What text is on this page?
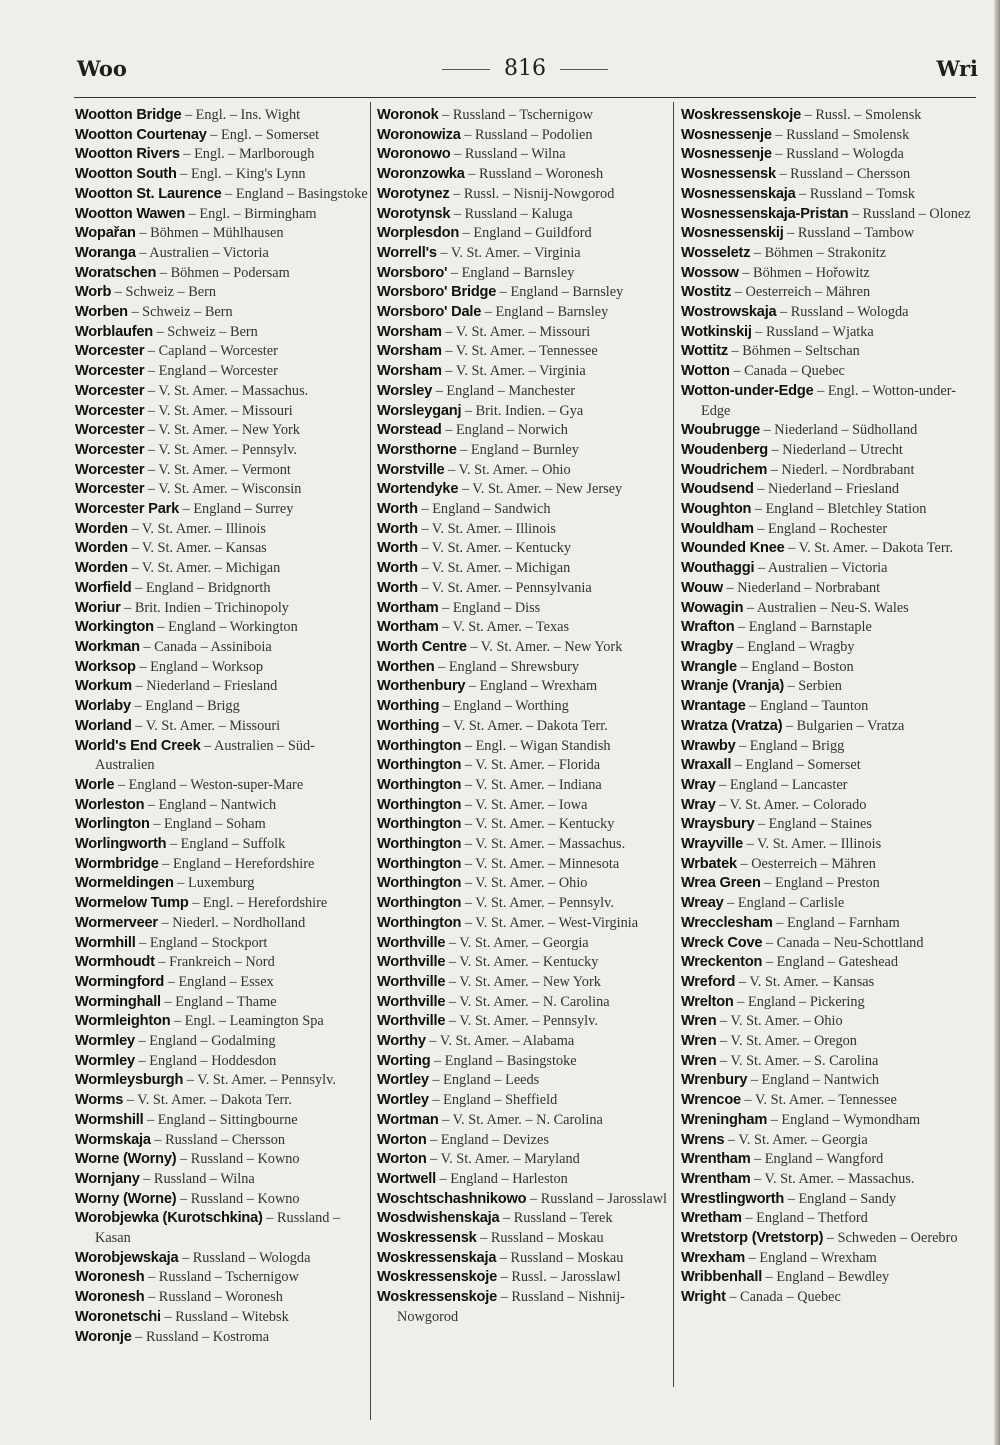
Woo	816	Wri
Wootton Bridge – Engl. – Ins. Wight
Wootton Courtenay – Engl. – Somerset
Wootton Rivers – Engl. – Marlborough
Wootton South – Engl. – King's Lynn
Wootton St. Laurence – England – Basingstoke
Wootton Wawen – Engl. – Birmingham
Wopařan – Böhmen – Mühlhausen
Woranga – Australien – Victoria
Woratschen – Böhmen – Podersam
Worb – Schweiz – Bern
Worben – Schweiz – Bern
Worblaufen – Schweiz – Bern
Worcester – Capland – Worcester
Worcester – England – Worcester
Worcester – V. St. Amer. – Massachus.
Worcester – V. St. Amer. – Missouri
Worcester – V. St. Amer. – New York
Worcester – V. St. Amer. – Pennsylv.
Worcester – V. St. Amer. – Vermont
Worcester – V. St. Amer. – Wisconsin
Worcester Park – England – Surrey
Worden – V. St. Amer. – Illinois
Worden – V. St. Amer. – Kansas
Worden – V. St. Amer. – Michigan
Worfield – England – Bridgnorth
Woriur – Brit. Indien – Trichinopoly
Workington – England – Workington
Workman – Canada – Assiniboia
Worksop – England – Worksop
Workum – Niederland – Friesland
Worlaby – England – Brigg
Worland – V. St. Amer. – Missouri
World's End Creek – Australien – Süd-Australien
Worle – England – Weston-super-Mare
Worleston – England – Nantwich
Worlington – England – Soham
Worlingworth – England – Suffolk
Wormbridge – England – Herefordshire
Wormeldingen – Luxemburg
Wormelow Tump – Engl. – Herefordshire
Wormerveer – Niederl. – Nordholland
Wormhill – England – Stockport
Wormhoudt – Frankreich – Nord
Wormingford – England – Essex
Worminghall – England – Thame
Wormleighton – Engl. – Leamington Spa
Wormley – England – Godalming
Wormley – England – Hoddesdon
Wormleysburgh – V. St. Amer. – Pennsylv.
Worms – V. St. Amer. – Dakota Terr.
Wormshill – England – Sittingbourne
Wormskaja – Russland – Chersson
Worne (Worny) – Russland – Kowno
Wornjany – Russland – Wilna
Worny (Worne) – Russland – Kowno
Worobjewka (Kurotschkina) – Russland – Kasan
Worobjewskaja – Russland – Wologda
Woronesh – Russland – Tschernigow
Woronesh – Russland – Woronesh
Woronetschi – Russland – Witebsk
Woronje – Russland – Kostroma
Woronok – Russland – Tschernigow
Woronowiza – Russland – Podolien
Woronowo – Russland – Wilna
Woronzowka – Russland – Woronesh
Worotynez – Russl. – Nisnij-Nowgorod
Worotynsk – Russland – Kaluga
Worplesdon – England – Guildford
Worrell's – V. St. Amer. – Virginia
Worsboro' – England – Barnsley
Worsboro' Bridge – England – Barnsley
Worsboro' Dale – England – Barnsley
Worsham – V. St. Amer. – Missouri
Worsham – V. St. Amer. – Tennessee
Worsham – V. St. Amer. – Virginia
Worsley – England – Manchester
Worsleyganj – Brit. Indien. – Gya
Worstead – England – Norwich
Worsthorne – England – Burnley
Worstville – V. St. Amer. – Ohio
Wortendyke – V. St. Amer. – New Jersey
Worth – England – Sandwich
Worth – V. St. Amer. – Illinois
Worth – V. St. Amer. – Kentucky
Worth – V. St. Amer. – Michigan
Worth – V. St. Amer. – Pennsylvania
Wortham – England – Diss
Wortham – V. St. Amer. – Texas
Worth Centre – V. St. Amer. – New York
Worthen – England – Shrewsbury
Worthenbury – England – Wrexham
Worthing – England – Worthing
Worthing – V. St. Amer. – Dakota Terr.
Worthington – Engl. – Wigan Standish
Worthington – V. St. Amer. – Florida
Worthington – V. St. Amer. – Indiana
Worthington – V. St. Amer. – Iowa
Worthington – V. St. Amer. – Kentucky
Worthington – V. St. Amer. – Massachus.
Worthington – V. St. Amer. – Minnesota
Worthington – V. St. Amer. – Ohio
Worthington – V. St. Amer. – Pennsylv.
Worthington – V. St. Amer. – West-Virginia
Worthville – V. St. Amer. – Georgia
Worthville – V. St. Amer. – Kentucky
Worthville – V. St. Amer. – New York
Worthville – V. St. Amer. – N. Carolina
Worthville – V. St. Amer. – Pennsylv.
Worthy – V. St. Amer. – Alabama
Worting – England – Basingstoke
Wortley – England – Leeds
Wortley – England – Sheffield
Wortman – V. St. Amer. – N. Carolina
Worton – England – Devizes
Worton – V. St. Amer. – Maryland
Wortwell – England – Harleston
Woschtschashnikowo – Russland – Jarosslawl
Wosdwishenskaja – Russland – Terek
Woskressensk – Russland – Moskau
Woskressenskaja – Russland – Moskau
Woskressenskoje – Russl. – Jarosslawl
Woskressenskoje – Russland – Nishnij-Nowgorod
Woskressenskoje – Russl. – Smolensk
Wosnessenje – Russland – Smolensk
Wosnessenje – Russland – Wologda
Wosnessensk – Russland – Chersson
Wosnessenskaja – Russland – Tomsk
Wosnessenskaja-Pristan – Russland – Olonez
Wosnessenskij – Russland – Tambow
Wosseletz – Böhmen – Strakonitz
Wossow – Böhmen – Hořowitz
Wostitz – Oesterreich – Mähren
Wostrowskaja – Russland – Wologda
Wotkinskij – Russland – Wjatka
Wottitz – Böhmen – Seltschan
Wotton – Canada – Quebec
Wotton-under-Edge – Engl. – Wotton-under-Edge
Woubrugge – Niederland – Südholland
Woudenberg – Niederland – Utrecht
Woudrichem – Niederl. – Nordbrabant
Woudsend – Niederland – Friesland
Woughton – England – Bletchley Station
Wouldham – England – Rochester
Wounded Knee – V. St. Amer. – Dakota Terr.
Wouthaggi – Australien – Victoria
Wouw – Niederland – Norbrabant
Wowagin – Australien – Neu-S. Wales
Wrafton – England – Barnstaple
Wragby – England – Wragby
Wrangle – England – Boston
Wranje (Vranja) – Serbien
Wrantage – England – Taunton
Wratza (Vratza) – Bulgarien – Vratza
Wrawby – England – Brigg
Wraxall – England – Somerset
Wray – England – Lancaster
Wray – V. St. Amer. – Colorado
Wraysbury – England – Staines
Wrayville – V. St. Amer. – Illinois
Wrbatek – Oesterreich – Mähren
Wrea Green – England – Preston
Wreay – England – Carlisle
Wrecclesham – England – Farnham
Wreck Cove – Canada – Neu-Schottland
Wreckenton – England – Gateshead
Wreford – V. St. Amer. – Kansas
Wrelton – England – Pickering
Wren – V. St. Amer. – Ohio
Wren – V. St. Amer. – Oregon
Wren – V. St. Amer. – S. Carolina
Wrenbury – England – Nantwich
Wrencoe – V. St. Amer. – Tennessee
Wreningham – England – Wymondham
Wrens – V. St. Amer. – Georgia
Wrentham – England – Wangford
Wrentham – V. St. Amer. – Massachus.
Wrestlingworth – England – Sandy
Wretham – England – Thetford
Wretstorp (Vretstorp) – Schweden – Oerebro
Wrexham – England – Wrexham
Wribbenhall – England – Bewdley
Wright – Canada – Quebec
